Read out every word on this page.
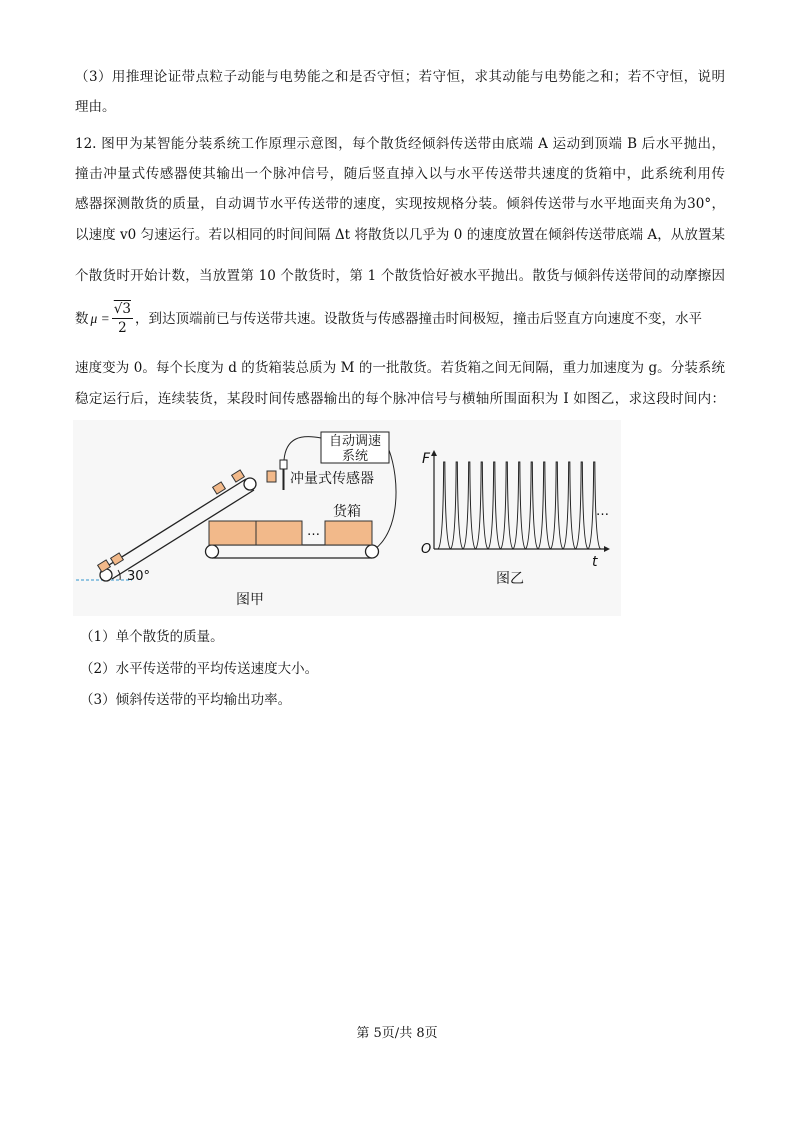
（3）用推理论证带点粒子动能与电势能之和是否守恒；若守恒，求其动能与电势能之和；若不守恒，说明
理由。
12. 图甲为某智能分装系统工作原理示意图，每个散货经倾斜传送带由底端 A 运动到顶端 B 后水平抛出，
撞击冲量式传感器使其输出一个脉冲信号，随后竖直掉入以与水平传送带共速度的货箱中，此系统利用传
感器探测散货的质量，自动调节水平传送带的速度，实现按规格分装。倾斜传送带与水平地面夹角为30°，
以速度 v0 匀速运行。若以相同的时间间隔 Δt 将散货以几乎为 0 的速度放置在倾斜传送带底端 A，从放置某
个散货时开始计数，当放置第 10 个散货时，第 1 个散货恰好被水平抛出。散货与倾斜传送带间的动摩擦因
数 $\mu = \frac{√3}{2}$ ，到达顶端前已与传送带共速。设散货与传感器撞击时间极短，撞击后竖直方向速度不变，水平
速度变为 0。每个长度为 d 的货箱装总质为 M 的一批散货。若货箱之间无间隔，重力加速度为 g。分装系统
稳定运行后，连续装货，某段时间传感器输出的每个脉冲信号与横轴所围面积为 I 如图乙，求这段时间内：
30°
冲量式传感器
自动调速
系统
…
货箱
图甲
F
t
O
…
图乙
（1）单个散货的质量。
（2）水平传送带的平均传送速度大小。
（3）倾斜传送带的平均输出功率。
第 5页/共 8页
